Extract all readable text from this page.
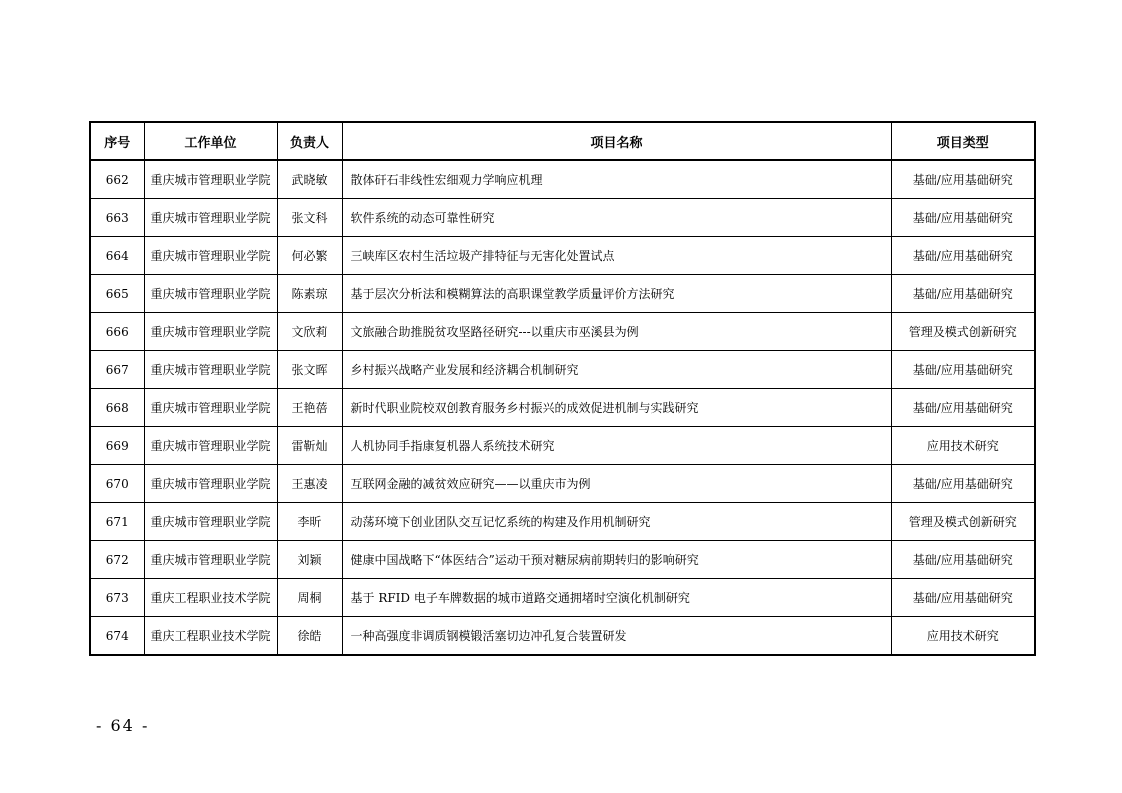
序号	工作单位	负责人	项目名称	项目类型
662	重庆城市管理职业学院	武晓敏	散体矸石非线性宏细观力学响应机理	基础/应用基础研究
663	重庆城市管理职业学院	张文科	软件系统的动态可靠性研究	基础/应用基础研究
664	重庆城市管理职业学院	何必繁	三峡库区农村生活垃圾产排特征与无害化处置试点	基础/应用基础研究
665	重庆城市管理职业学院	陈素琼	基于层次分析法和模糊算法的高职课堂教学质量评价方法研究	基础/应用基础研究
666	重庆城市管理职业学院	文欣莉	文旅融合助推脱贫攻坚路径研究---以重庆市巫溪县为例	管理及模式创新研究
667	重庆城市管理职业学院	张文晖	乡村振兴战略产业发展和经济耦合机制研究	基础/应用基础研究
668	重庆城市管理职业学院	王艳蓓	新时代职业院校双创教育服务乡村振兴的成效促进机制与实践研究	基础/应用基础研究
669	重庆城市管理职业学院	雷靳灿	人机协同手指康复机器人系统技术研究	应用技术研究
670	重庆城市管理职业学院	王惠凌	互联网金融的减贫效应研究——以重庆市为例	基础/应用基础研究
671	重庆城市管理职业学院	李昕	动荡环境下创业团队交互记忆系统的构建及作用机制研究	管理及模式创新研究
672	重庆城市管理职业学院	刘颖	健康中国战略下“体医结合”运动干预对糖尿病前期转归的影响研究	基础/应用基础研究
673	重庆工程职业技术学院	周桐	基于 RFID 电子车牌数据的城市道路交通拥堵时空演化机制研究	基础/应用基础研究
674	重庆工程职业技术学院	徐皓	一种高强度非调质钢模锻活塞切边冲孔复合装置研发	应用技术研究
- 64 -
